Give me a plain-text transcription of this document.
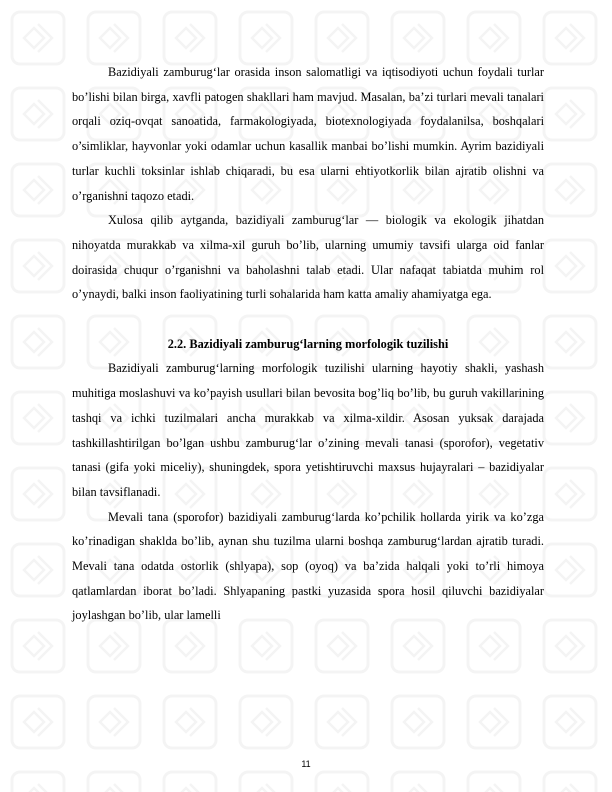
Bazidiyali zamburug‘lar orasida inson salomatligi va iqtisodiyoti uchun foydali turlar bo’lishi bilan birga, xavfli patogen shakllari ham mavjud. Masalan, ba’zi turlari mevali tanalari orqali oziq-ovqat sanoatida, farmakologiyada, biotexnologiyada foydalanilsa, boshqalari o’simliklar, hayvonlar yoki odamlar uchun kasallik manbai bo’lishi mumkin. Ayrim bazidiyali turlar kuchli toksinlar ishlab chiqaradi, bu esa ularni ehtiyotkorlik bilan ajratib olishni va o’rganishni taqozo etadi.

Xulosa qilib aytganda, bazidiyali zamburug‘lar — biologik va ekologik jihatdan nihoyatda murakkab va xilma-xil guruh bo’lib, ularning umumiy tavsifi ularga oid fanlar doirasida chuqur o’rganishni va baholashni talab etadi. Ular nafaqat tabiatda muhim rol o’ynaydi, balki inson faoliyatining turli sohalarida ham katta amaliy ahamiyatga ega.

2.2. Bazidiyali zamburug‘larning morfologik tuzilishi

Bazidiyali zamburug‘larning morfologik tuzilishi ularning hayotiy shakli, yashash muhitiga moslashuvi va ko’payish usullari bilan bevosita bog’liq bo’lib, bu guruh vakillarining tashqi va ichki tuzilmalari ancha murakkab va xilma-xildir. Asosan yuksak darajada tashkillashtirilgan bo’lgan ushbu zamburug‘lar o’zining mevali tanasi (sporofor), vegetativ tanasi (gifa yoki miceliy), shuningdek, spora yetishtiruvchi maxsus hujayralari – bazidiyalar bilan tavsiflanadi.

Mevali tana (sporofor) bazidiyali zamburug‘larda ko’pchilik hollarda yirik va ko’zga ko’rinadigan shaklda bo’lib, aynan shu tuzilma ularni boshqa zamburug‘lardan ajratib turadi. Mevali tana odatda ostorlik (shlyapa), sop (oyoq) va ba’zida halqali yoki to’rli himoya qatlamlardan iborat bo’ladi. Shlyapaning pastki yuzasida spora hosil qiluvchi bazidiyalar joylashgan bo’lib, ular lamelli

11
